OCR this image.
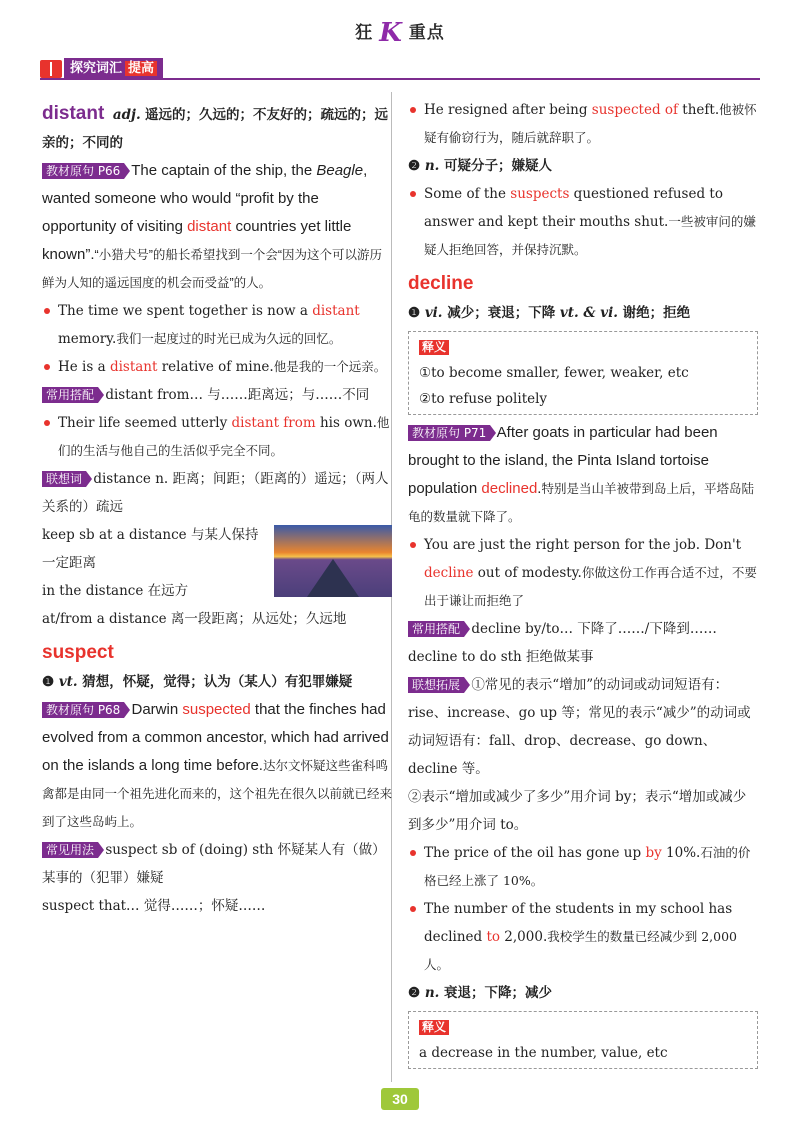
狂 K 重点
探究词汇 提高

distant adj. 遥远的；久远的；不友好的；疏远的；远亲的；不同的

教材原句 P66 The captain of the ship, the Beagle, wanted someone who would “profit by the opportunity of visiting distant countries yet little known”.“小猎犬号”的船长希望找到一个会“因为这个可以游历鲜为人知的遥远国度的机会而受益”的人。

The time we spent together is now a distant memory.我们一起度过的时光已成为久远的回忆。

He is a distant relative of mine.他是我的一个远亲。

常用搭配 distant from… 与……距离远；与……不同

Their life seemed utterly distant from his own.他们的生活与他自己的生活似乎完全不同。

联想词 distance n. 距离；间距；（距离的）遥远；（两人关系的）疏远

keep sb at a distance 与某人保持一定距离

in the distance 在远方

at/from a distance 离一段距离；从远处；久远地

suspect

❶ vt. 猜想，怀疑，觉得；认为（某人）有犯罪嫌疑

教材原句 P68 Darwin suspected that the finches had evolved from a common ancestor, which had arrived on the islands a long time before.达尔文怀疑这些雀科鸣禽都是由同一个祖先进化而来的，这个祖先在很久以前就已经来到了这些岛屿上。

常见用法 suspect sb of (doing) sth 怀疑某人有（做）某事的（犯罪）嫌疑

suspect that… 觉得……；怀疑……

He resigned after being suspected of theft.他被怀疑有偷窃行为，随后就辞职了。

❷ n. 可疑分子；嫌疑人

Some of the suspects questioned refused to answer and kept their mouths shut.一些被审问的嫌疑人拒绝回答，并保持沉默。

decline

❶ vi. 减少；衰退；下降 vt. & vi. 谢绝；拒绝

释义
①to become smaller, fewer, weaker, etc
②to refuse politely

教材原句 P71 After goats in particular had been brought to the island, the Pinta Island tortoise population declined.特别是当山羊被带到岛上后，平塔岛陆龟的数量就下降了。

You are just the right person for the job. Don't decline out of modesty.你做这份工作再合适不过，不要出于谦让而拒绝了

常用搭配 decline by/to… 下降了……/下降到……

decline to do sth 拒绝做某事

联想拓展 ①常见的表示“增加”的动词或动词短语有：rise、increase、go up 等；常见的表示“减少”的动词或动词短语有：fall、drop、decrease、go down、decline 等。

②表示“增加或减少了多少”用介词 by；表示“增加或减少到多少”用介词 to。

The price of the oil has gone up by 10%.石油的价格已经上涨了 10%。

The number of the students in my school has declined to 2,000.我校学生的数量已经减少到 2,000 人。

❷ n. 衰退；下降；减少

释义
a decrease in the number, value, etc
30
